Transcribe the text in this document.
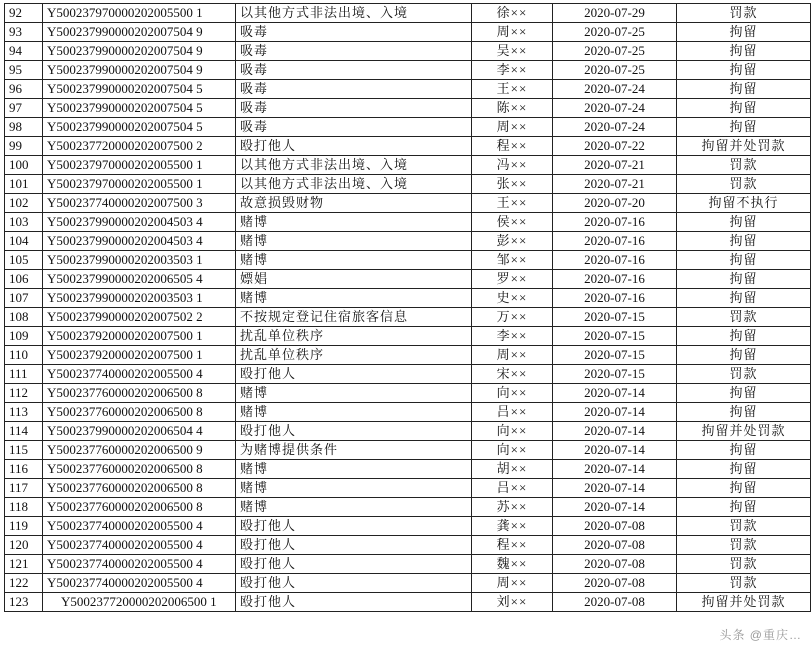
92	Y500237970000202005500 1	以其他方式非法出境、入境	徐××	2020-07-29	罚款
93	Y500237990000202007504 9	吸毒	周××	2020-07-25	拘留
94	Y500237990000202007504 9	吸毒	吴××	2020-07-25	拘留
95	Y500237990000202007504 9	吸毒	李××	2020-07-25	拘留
96	Y500237990000202007504 5	吸毒	王××	2020-07-24	拘留
97	Y500237990000202007504 5	吸毒	陈××	2020-07-24	拘留
98	Y500237990000202007504 5	吸毒	周××	2020-07-24	拘留
99	Y500237720000202007500 2	殴打他人	程××	2020-07-22	拘留并处罚款
100	Y500237970000202005500 1	以其他方式非法出境、入境	冯××	2020-07-21	罚款
101	Y500237970000202005500 1	以其他方式非法出境、入境	张××	2020-07-21	罚款
102	Y500237740000202007500 3	故意损毁财物	王××	2020-07-20	拘留不执行
103	Y500237990000202004503 4	赌博	侯××	2020-07-16	拘留
104	Y500237990000202004503 4	赌博	彭××	2020-07-16	拘留
105	Y500237990000202003503 1	赌博	邹××	2020-07-16	拘留
106	Y500237990000202006505 4	嫖娼	罗××	2020-07-16	拘留
107	Y500237990000202003503 1	赌博	史××	2020-07-16	拘留
108	Y500237990000202007502 2	不按规定登记住宿旅客信息	万××	2020-07-15	罚款
109	Y500237920000202007500 1	扰乱单位秩序	李××	2020-07-15	拘留
110	Y500237920000202007500 1	扰乱单位秩序	周××	2020-07-15	拘留
111	Y500237740000202005500 4	殴打他人	宋××	2020-07-15	罚款
112	Y500237760000202006500 8	赌博	向××	2020-07-14	拘留
113	Y500237760000202006500 8	赌博	吕××	2020-07-14	拘留
114	Y500237990000202006504 4	殴打他人	向××	2020-07-14	拘留并处罚款
115	Y500237760000202006500 9	为赌博提供条件	向××	2020-07-14	拘留
116	Y500237760000202006500 8	赌博	胡××	2020-07-14	拘留
117	Y500237760000202006500 8	赌博	吕××	2020-07-14	拘留
118	Y500237760000202006500 8	赌博	苏××	2020-07-14	拘留
119	Y500237740000202005500 4	殴打他人	龚××	2020-07-08	罚款
120	Y500237740000202005500 4	殴打他人	程××	2020-07-08	罚款
121	Y500237740000202005500 4	殴打他人	魏××	2020-07-08	罚款
122	Y500237740000202005500 4	殴打他人	周××	2020-07-08	罚款
123	Y500237720000202006500 1	殴打他人	刘××	2020-07-08	拘留并处罚款
头条 @重庆…
